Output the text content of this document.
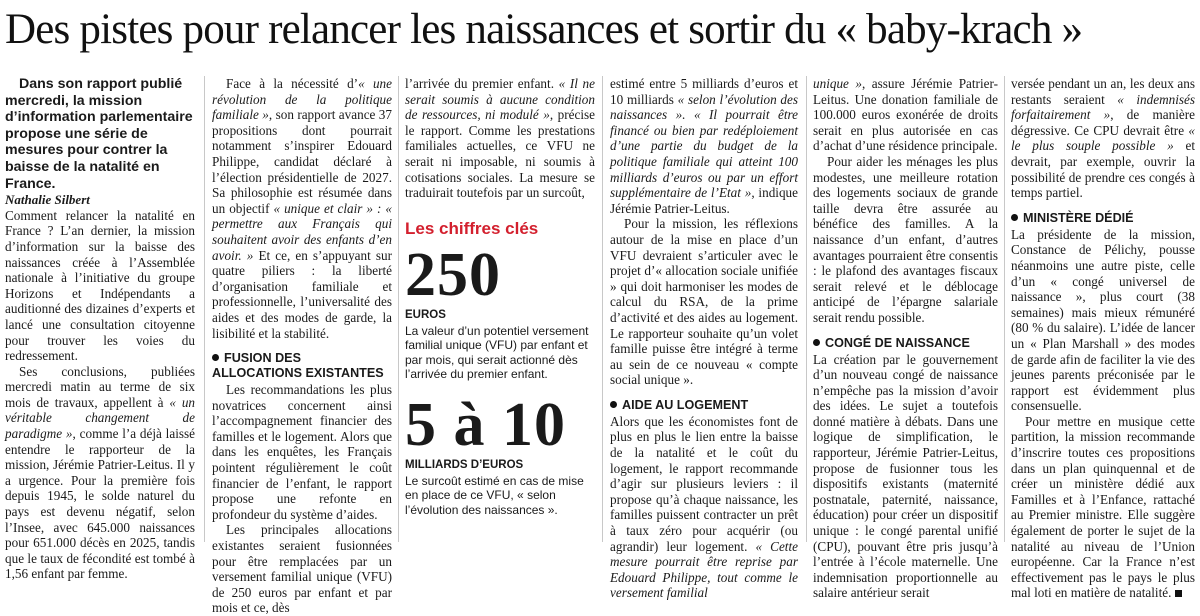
Des pistes pour relancer les naissances et sortir du « baby-krach »

Dans son rapport publié mercredi, la mission d’information parlementaire propose une série de mesures pour contrer la baisse de la natalité en France.

Nathalie Silbert

Comment relancer la natalité en France ? L’an dernier, la mission d’information sur la baisse des naissances créée à l’Assemblée nationale à l’initiative du groupe Horizons et Indépendants a auditionné des dizaines d’experts et lancé une consultation citoyenne pour trouver les voies du redressement.

Ses conclusions, publiées mercredi matin au terme de six mois de travaux, appellent à « un véritable changement de paradigme », comme l’a déjà laissé entendre le rapporteur de la mission, Jérémie Patrier-Leitus. Il y a urgence. Pour la première fois depuis 1945, le solde naturel du pays est devenu négatif, selon l’Insee, avec 645.000 naissances pour 651.000 décès en 2025, tandis que le taux de fécondité est tombé à 1,56 enfant par femme.

Face à la nécessité d’« une révolution de la politique familiale », son rapport avance 37 propositions dont pourrait notamment s’inspirer Edouard Philippe, candidat déclaré à l’élection présidentielle de 2027. Sa philosophie est résumée dans un objectif « unique et clair » : « permettre aux Français qui souhaitent avoir des enfants d’en avoir. » Et ce, en s’appuyant sur quatre piliers : la liberté d’organisation familiale et professionnelle, l’universalité des aides et des modes de garde, la lisibilité et la stabilité.

FUSION DES ALLOCATIONS EXISTANTES

Les recommandations les plus novatrices concernent ainsi l’accompagnement financier des familles et le logement. Alors que dans les enquêtes, les Français pointent régulièrement le coût financier de l’enfant, le rapport propose une refonte en profondeur du système d’aides.

Les principales allocations existantes seraient fusionnées pour être remplacées par un versement familial unique (VFU) de 250 euros par enfant et par mois et ce, dès

l’arrivée du premier enfant. « Il ne serait soumis à aucune condition de ressources, ni modulé », précise le rapport. Comme les prestations familiales actuelles, ce VFU ne serait ni imposable, ni soumis à cotisations sociales. La mesure se traduirait toutefois par un surcoût,

Les chiffres clés
250
EUROS
La valeur d’un potentiel versement familial unique (VFU) par enfant et par mois, qui serait actionné dès l’arrivée du premier enfant.
5 à 10
MILLIARDS D’EUROS
Le surcoût estimé en cas de mise en place de ce VFU, « selon l’évolution des naissances ».

estimé entre 5 milliards d’euros et 10 milliards « selon l’évolution des naissances ». « Il pourrait être financé ou bien par redéploiement d’une partie du budget de la politique familiale qui atteint 100 milliards d’euros ou par un effort supplémentaire de l’Etat », indique Jérémie Patrier-Leitus.

Pour la mission, les réflexions autour de la mise en place d’un VFU devraient s’articuler avec le projet d’« allocation sociale unifiée » qui doit harmoniser les modes de calcul du RSA, de la prime d’activité et des aides au logement. Le rapporteur souhaite qu’un volet famille puisse être intégré à terme au sein de ce nouveau « compte social unique ».

AIDE AU LOGEMENT

Alors que les économistes font de plus en plus le lien entre la baisse de la natalité et le coût du logement, le rapport recommande d’agir sur plusieurs leviers : il propose qu’à chaque naissance, les familles puissent contracter un prêt à taux zéro pour acquérir (ou agrandir) leur logement. « Cette mesure pourrait être reprise par Edouard Philippe, tout comme le versement familial

unique », assure Jérémie Patrier-Leitus. Une donation familiale de 100.000 euros exonérée de droits serait en plus autorisée en cas d’achat d’une résidence principale.

Pour aider les ménages les plus modestes, une meilleure rotation des logements sociaux de grande taille devra être assurée au bénéfice des familles. A la naissance d’un enfant, d’autres avantages pourraient être consentis : le plafond des avantages fiscaux serait relevé et le déblocage anticipé de l’épargne salariale serait rendu possible.

CONGÉ DE NAISSANCE

La création par le gouvernement d’un nouveau congé de naissance n’empêche pas la mission d’avoir des idées. Le sujet a toutefois donné matière à débats. Dans une logique de simplification, le rapporteur, Jérémie Patrier-Leitus, propose de fusionner tous les dispositifs existants (maternité postnatale, paternité, naissance, éducation) pour créer un dispositif unique : le congé parental unifié (CPU), pouvant être pris jusqu’à l’entrée à l’école maternelle. Une indemnisation proportionnelle au salaire antérieur serait

versée pendant un an, les deux ans restants seraient « indemnisés forfaitairement », de manière dégressive. Ce CPU devrait être « le plus souple possible » et devrait, par exemple, ouvrir la possibilité de prendre ces congés à temps partiel.

MINISTÈRE DÉDIÉ

La présidente de la mission, Constance de Pélichy, pousse néanmoins une autre piste, celle d’un « congé universel de naissance », plus court (38 semaines) mais mieux rémunéré (80 % du salaire). L’idée de lancer un « Plan Marshall » des modes de garde afin de faciliter la vie des jeunes parents préconisée par le rapport est évidemment plus consensuelle.

Pour mettre en musique cette partition, la mission recommande d’inscrire toutes ces propositions dans un plan quinquennal et de créer un ministère dédié aux Familles et à l’Enfance, rattaché au Premier ministre. Elle suggère également de porter le sujet de la natalité au niveau de l’Union européenne. Car la France n’est effectivement pas le pays le plus mal loti en matière de natalité.
